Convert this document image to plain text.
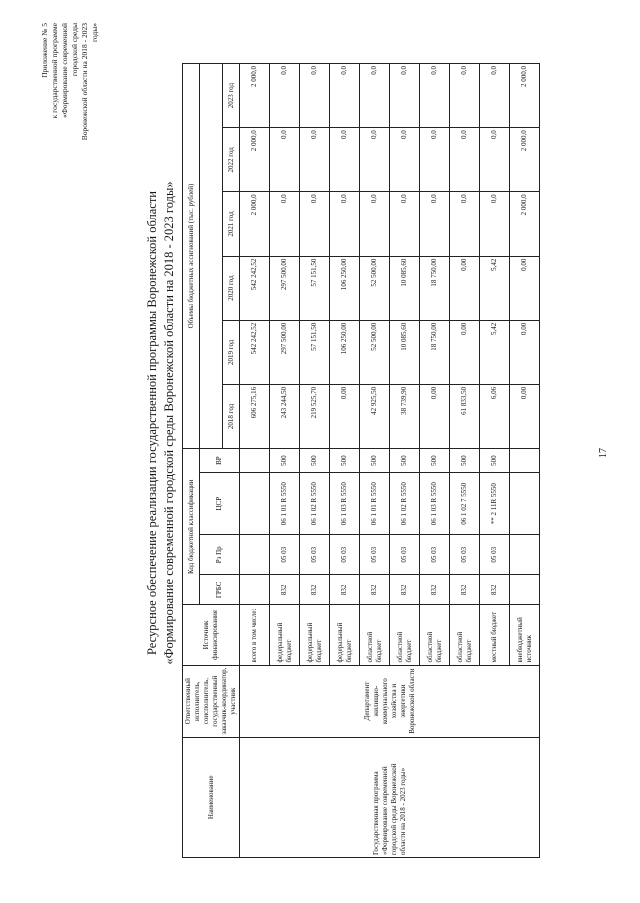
17
Приложение № 5 к государственной программе «Формирование современной городской среды Воронежской области на 2018 - 2023 годы»
Ресурсное обеспечение реализации государственной программы Воронежской области «Формирование современной городской среды Воронежской области на 2018 - 2023 годы»
Наименование	Ответственный исполнитель, соисполнитель, государственный заказчик-координатор, участник	Источник финансирования	Код бюджетной классификации				Объемы бюджетных ассигнований (тыс. рублей)					
			ГРБС	Рз Пр	ЦСР	ВР						
							2018 год	2019 год	2020 год	2021 год	2022 год	2023 год
Государственная программа «Формирование современной городской среды Воронежской области на 2018 - 2023 годы»	Департамент жилищно-коммунального хозяйства и энергетики Воронежской области	всего в том числе:					606 275,16	542 242,52	542 242,52	2 000,0	2 000,0	2 000,0
		федеральный бюджет	832	05 03	06 1 01 R 5550	500	243 244,50	297 500,00	297 500,00	0,0	0,0	0,0
		федеральный бюджет	832	05 03	06 1 02 R 5550	500	219 525,70	57 151,50	57 151,50	0,0	0,0	0,0
		федеральный бюджет	832	05 03	06 1 03 R 5550	500	0,00	106 250,00	106 250,00	0,0	0,0	0,0
		областной бюджет	832	05 03	06 1 01 R 5550	500	42 925,50	52 500,00	52 500,00	0,0	0,0	0,0
		областной бюджет	832	05 03	06 1 02 R 5550	500	38 739,90	10 085,60	10 085,60	0,0	0,0	0,0
		областной бюджет	832	05 03	06 1 03 R 5550	500	0,00	18 750,00	18 750,00	0,0	0,0	0,0
		областной бюджет	832	05 03	06 1 02 7 5550	500	61 833,50	0,00	0,00	0,0	0,0	0,0
		местный бюджет	832	05 03	** 2 11R 5550	500	6,06	5,42	5,42	0,0	0,0	0,0
		внебюджетный источник					0,00	0,00	0,00	2 000,0	2 000,0	2 000,0
